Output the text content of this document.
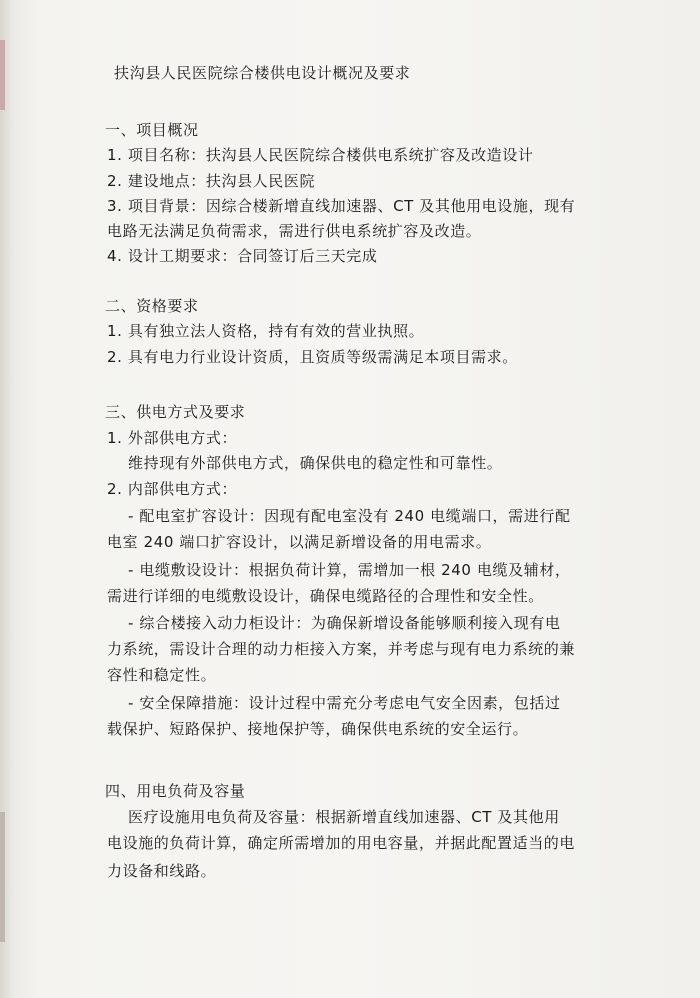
扶沟县人民医院综合楼供电设计概况及要求
一、项目概况
1. 项目名称：扶沟县人民医院综合楼供电系统扩容及改造设计
2. 建设地点：扶沟县人民医院
3. 项目背景：因综合楼新增直线加速器、CT 及其他用电设施，现有
电路无法满足负荷需求，需进行供电系统扩容及改造。
4. 设计工期要求：合同签订后三天完成
二、资格要求
1. 具有独立法人资格，持有有效的营业执照。
2. 具有电力行业设计资质，且资质等级需满足本项目需求。
三、供电方式及要求
1. 外部供电方式：
维持现有外部供电方式，确保供电的稳定性和可靠性。
2. 内部供电方式：
- 配电室扩容设计：因现有配电室没有 240 电缆端口，需进行配
电室 240 端口扩容设计，以满足新增设备的用电需求。
- 电缆敷设设计：根据负荷计算，需增加一根 240 电缆及辅材，
需进行详细的电缆敷设设计，确保电缆路径的合理性和安全性。
- 综合楼接入动力柜设计：为确保新增设备能够顺利接入现有电
力系统，需设计合理的动力柜接入方案，并考虑与现有电力系统的兼
容性和稳定性。
- 安全保障措施：设计过程中需充分考虑电气安全因素，包括过
载保护、短路保护、接地保护等，确保供电系统的安全运行。
四、用电负荷及容量
医疗设施用电负荷及容量：根据新增直线加速器、CT 及其他用
电设施的负荷计算，确定所需增加的用电容量，并据此配置适当的电
力设备和线路。
